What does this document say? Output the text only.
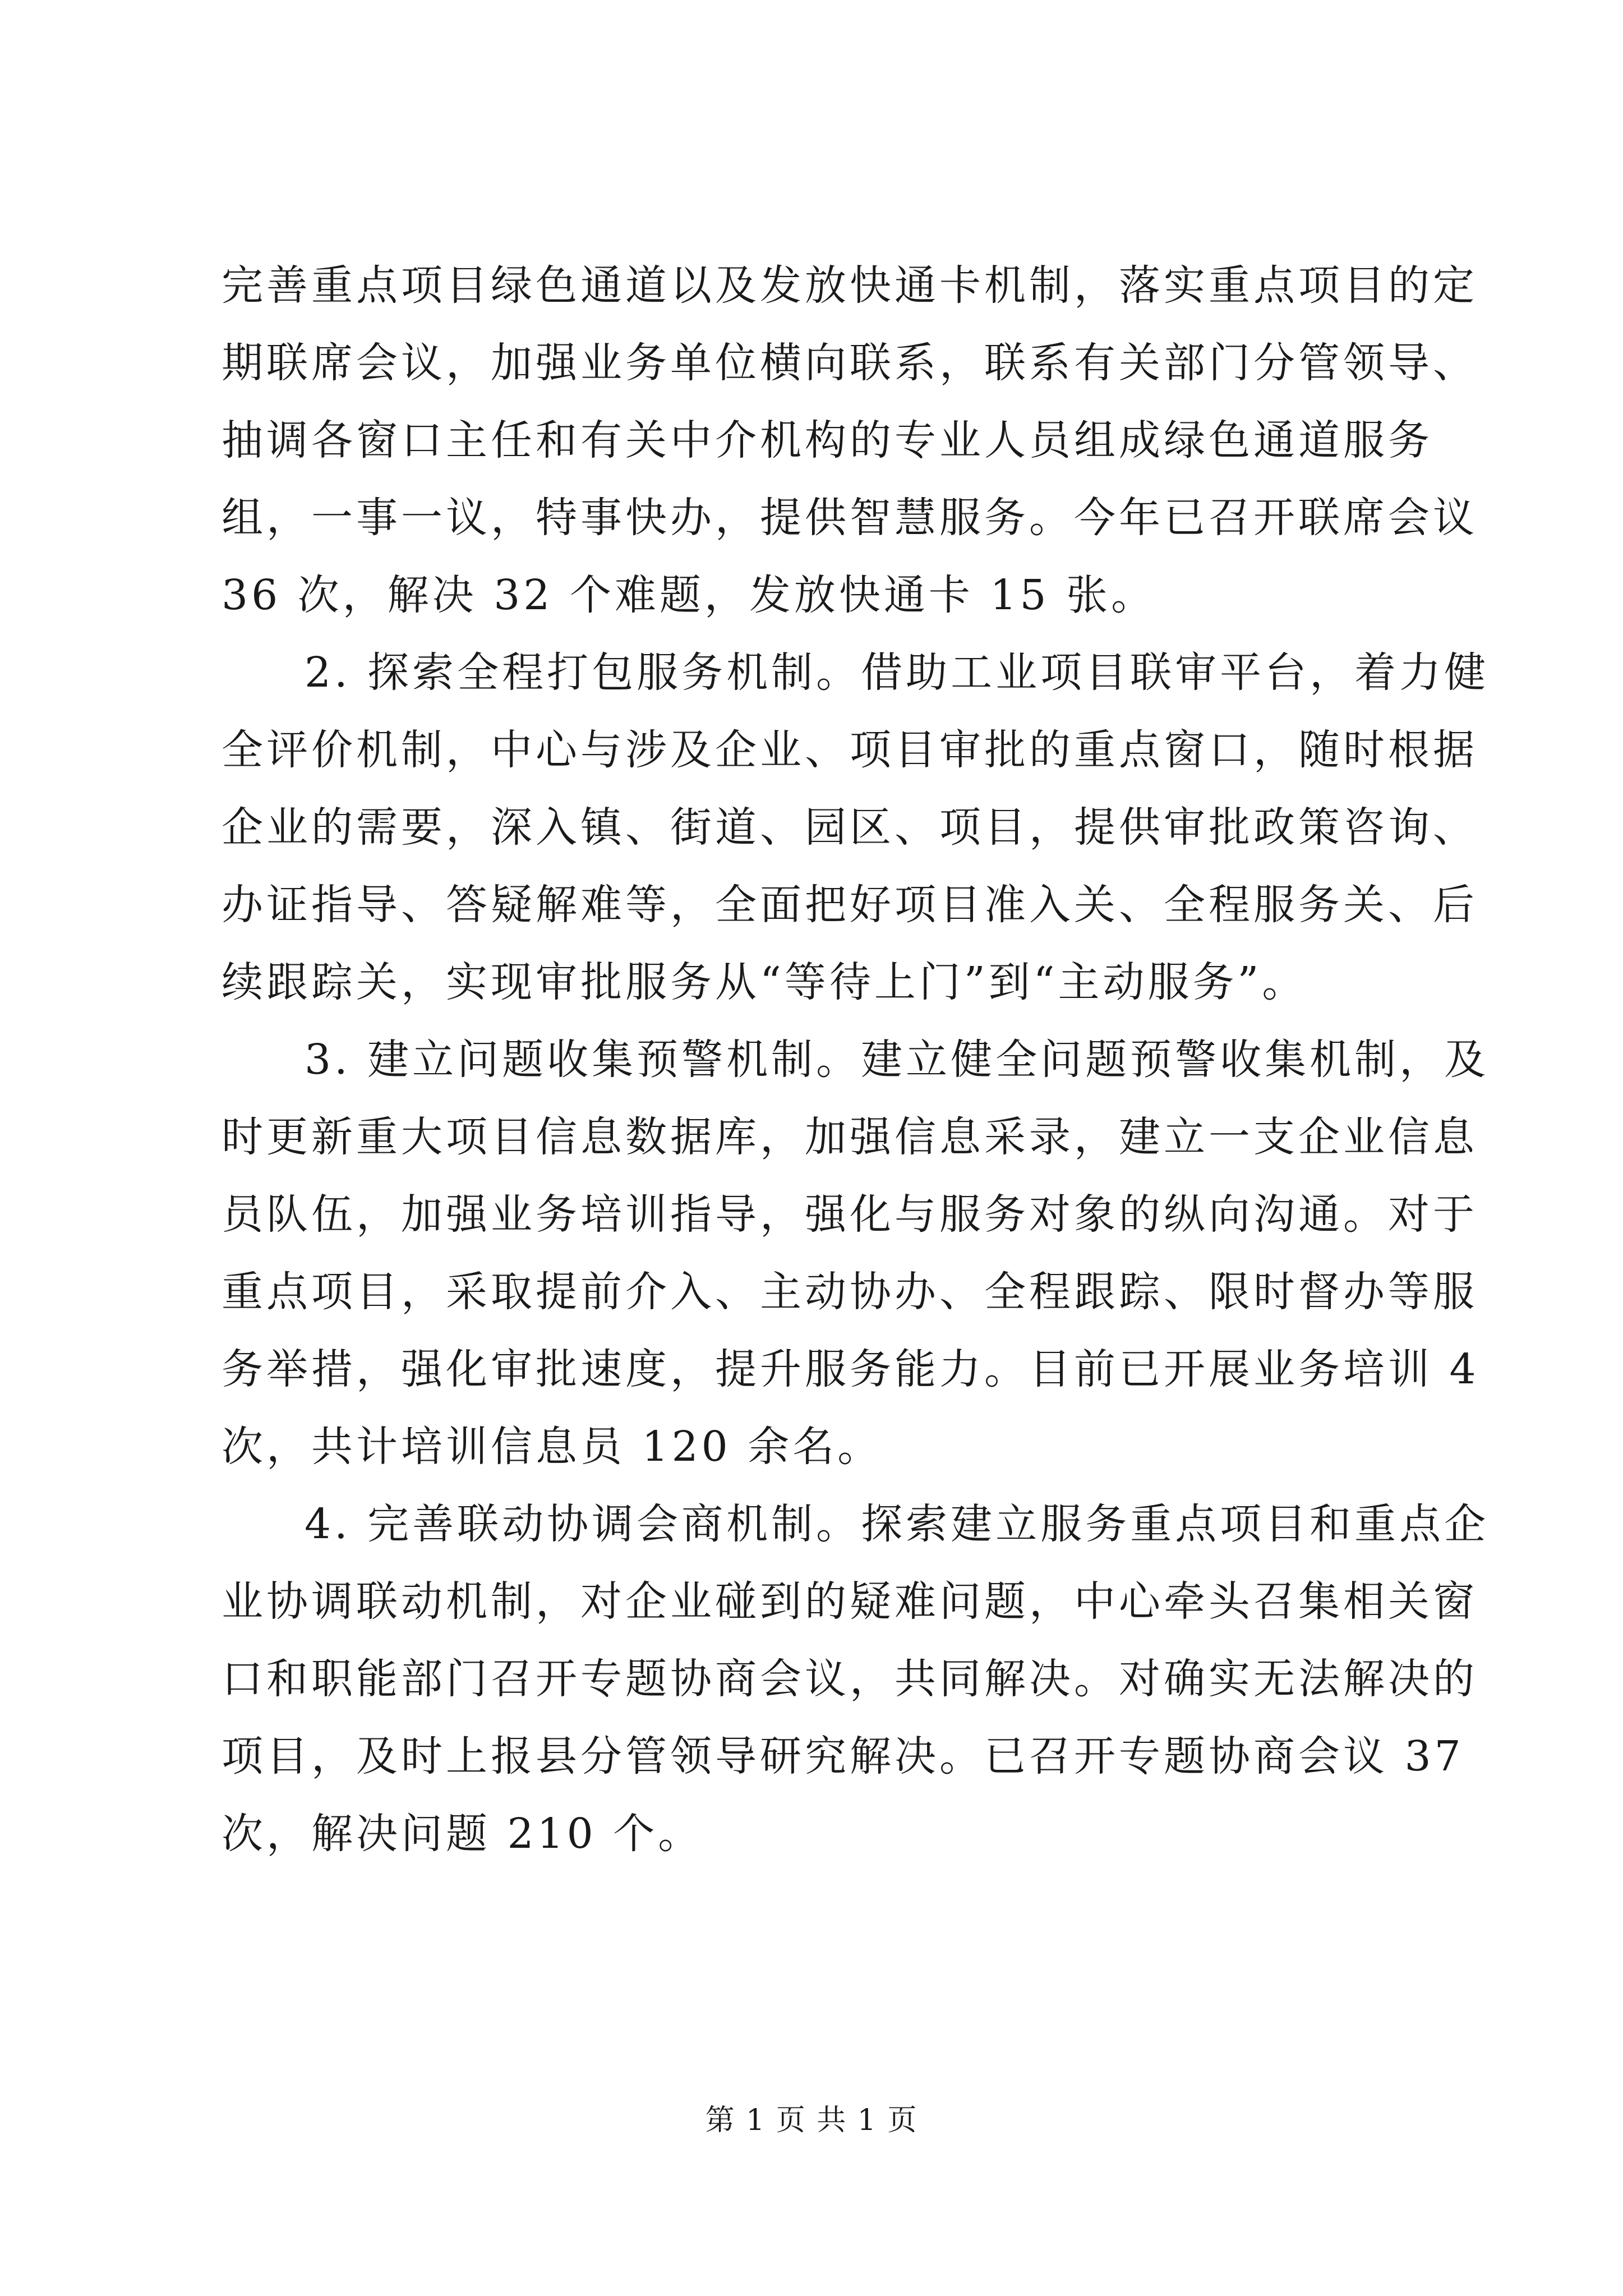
完善重点项目绿色通道以及发放快通卡机制，落实重点项目的定
期联席会议，加强业务单位横向联系，联系有关部门分管领导、
抽调各窗口主任和有关中介机构的专业人员组成绿色通道服务
组，一事一议，特事快办，提供智慧服务。今年已召开联席会议
36 次，解决 32 个难题，发放快通卡 15 张。
2. 探索全程打包服务机制。借助工业项目联审平台，着力健
全评价机制，中心与涉及企业、项目审批的重点窗口，随时根据
企业的需要，深入镇、街道、园区、项目，提供审批政策咨询、
办证指导、答疑解难等，全面把好项目准入关、全程服务关、后
续跟踪关，实现审批服务从“等待上门”到“主动服务”。
3. 建立问题收集预警机制。建立健全问题预警收集机制，及
时更新重大项目信息数据库，加强信息采录，建立一支企业信息
员队伍，加强业务培训指导，强化与服务对象的纵向沟通。对于
重点项目，采取提前介入、主动协办、全程跟踪、限时督办等服
务举措，强化审批速度，提升服务能力。目前已开展业务培训 4
次，共计培训信息员 120 余名。
4. 完善联动协调会商机制。探索建立服务重点项目和重点企
业协调联动机制，对企业碰到的疑难问题，中心牵头召集相关窗
口和职能部门召开专题协商会议，共同解决。对确实无法解决的
项目，及时上报县分管领导研究解决。已召开专题协商会议 37
次，解决问题 210 个。
第 1 页 共 1 页
